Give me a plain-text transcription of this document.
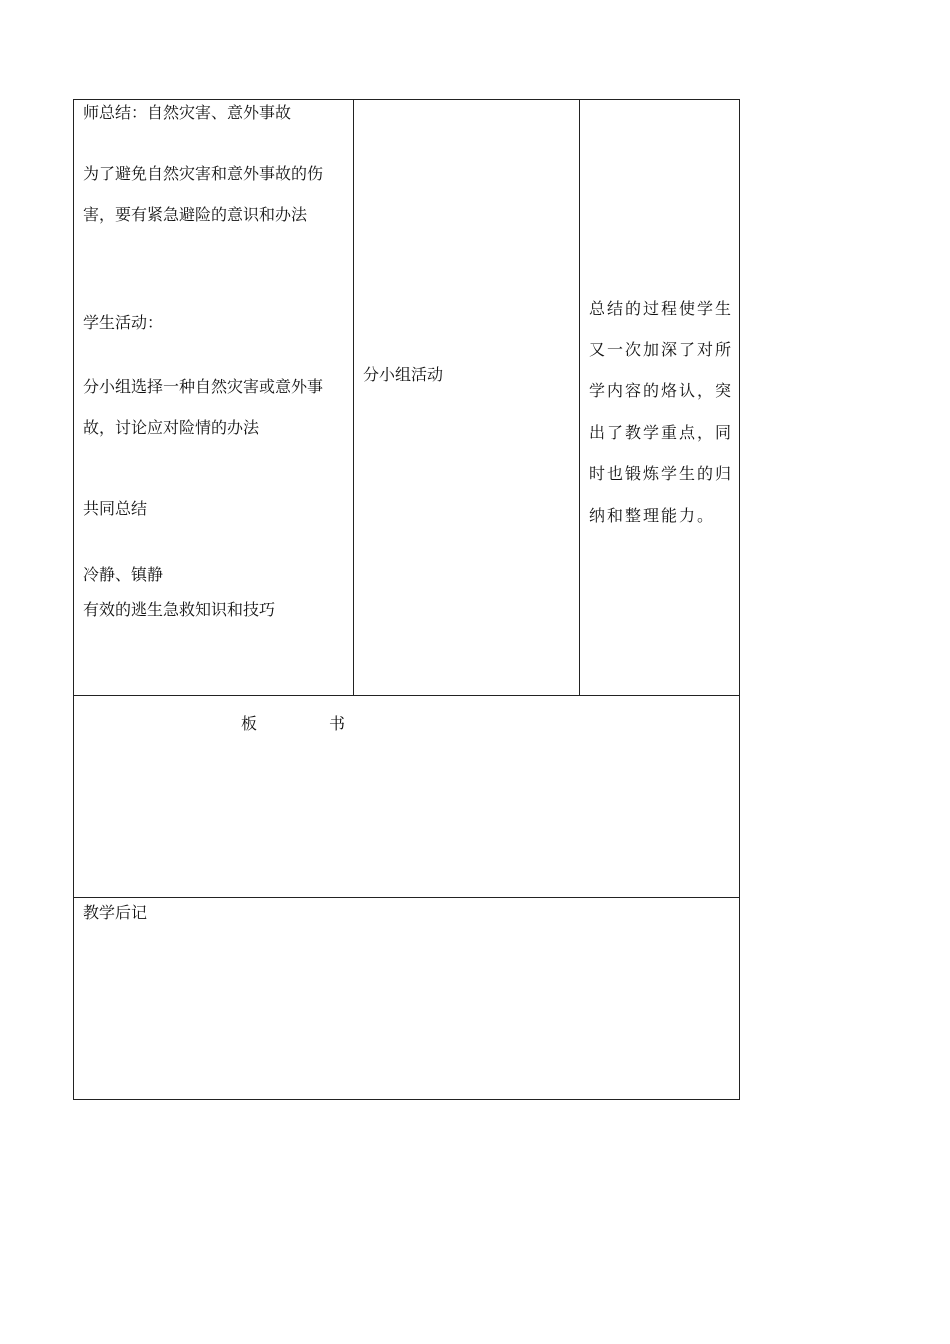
师总结：自然灾害、意外事故
为了避免自然灾害和意外事故的伤
害，要有紧急避险的意识和办法
学生活动：
分小组选择一种自然灾害或意外事
故，讨论应对险情的办法
共同总结
冷静、镇静
有效的逃生急救知识和技巧
分小组活动
总结的过程使学生
又一次加深了对所
学内容的烙认，突
出了教学重点，同
时也锻炼学生的归
纳和整理能力。
板	书
教学后记
